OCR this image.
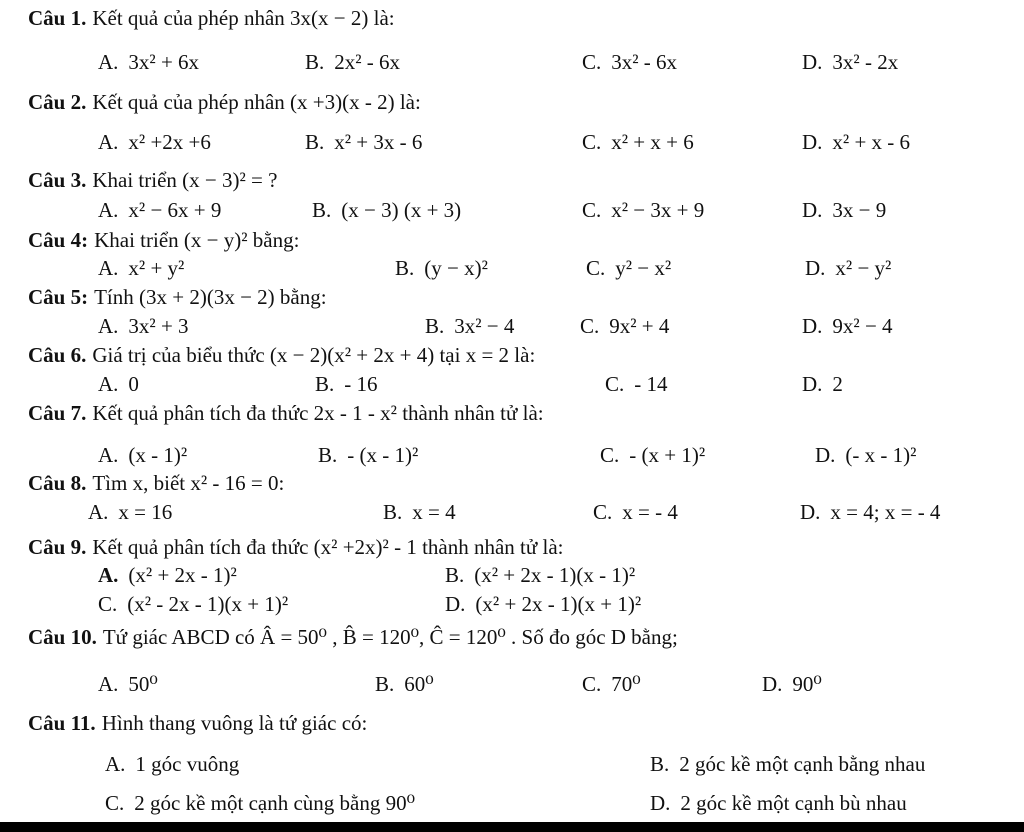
Câu 1. Kết quả của phép nhân 3x(x − 2) là:
A. 3x² + 6x	B. 2x² - 6x	C. 3x² - 6x	D. 3x² - 2x
Câu 2. Kết quả của phép nhân (x +3)(x - 2) là:
A. x² +2x +6	B. x² + 3x - 6	C. x² + x + 6	D. x² + x - 6
Câu 3. Khai triển (x − 3)² = ?
A. x² − 6x + 9	B. (x − 3) (x + 3)	C. x² − 3x + 9	D. 3x − 9
Câu 4: Khai triển (x − y)² bằng:
A. x² + y²	B. (y − x)²	C. y² − x²	D. x² − y²
Câu 5: Tính (3x + 2)(3x − 2) bằng:
A. 3x² + 3	B. 3x² − 4	C. 9x² + 4	D. 9x² − 4
Câu 6. Giá trị của biểu thức (x − 2)(x² + 2x + 4) tại x = 2 là:
A. 0	B. - 16	C. - 14	D. 2
Câu 7. Kết quả phân tích đa thức 2x - 1 - x² thành nhân tử là:
A. (x - 1)²	B. - (x - 1)²	C. - (x + 1)²	D. (- x - 1)²
Câu 8. Tìm x, biết x² - 16 = 0:
A. x = 16	B. x = 4	C. x = - 4	D. x = 4; x = - 4
Câu 9. Kết quả phân tích đa thức (x² +2x)² - 1 thành nhân tử là:
A. (x² + 2x - 1)²	B. (x² + 2x - 1)(x - 1)²
C. (x² - 2x - 1)(x + 1)²	D. (x² + 2x - 1)(x + 1)²
Câu 10. Tứ giác ABCD có Â = 50⁰ , B̂ = 120⁰, Ĉ = 120⁰ . Số đo góc D bằng;
A. 50⁰	B. 60⁰	C. 70⁰	D. 90⁰
Câu 11. Hình thang vuông là tứ giác có:
A. 1 góc vuông	B. 2 góc kề một cạnh bằng nhau
C. 2 góc kề một cạnh cùng bằng 90⁰	D. 2 góc kề một cạnh bù nhau
